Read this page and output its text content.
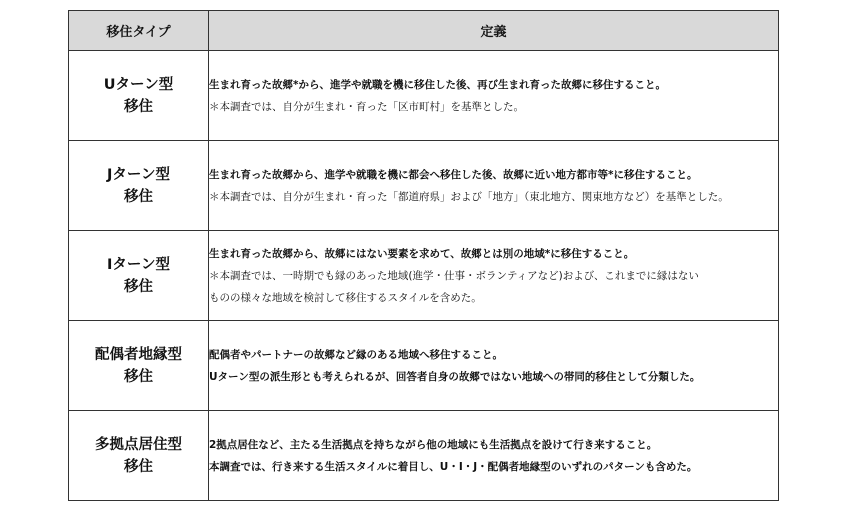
移住タイプ	定義

Uターン型
移住	生まれ育った故郷*から、進学や就職を機に移住した後、再び生まれ育った故郷に移住すること。
＊本調査では、自分が生まれ・育った「区市町村」を基準とした。

Jターン型
移住	生まれ育った故郷から、進学や就職を機に都会へ移住した後、故郷に近い地方都市等*に移住すること。
＊本調査では、自分が生まれ・育った「都道府県」および「地方」（東北地方、関東地方など）を基準とした。

Iターン型
移住	生まれ育った故郷から、故郷にはない要素を求めて、故郷とは別の地域*に移住すること。
＊本調査では、一時期でも縁のあった地域(進学・仕事・ボランティアなど)および、これまでに縁はない
ものの様々な地域を検討して移住するスタイルを含めた。

配偶者地縁型
移住	配偶者やパートナーの故郷など縁のある地域へ移住すること。
Uターン型の派生形とも考えられるが、回答者自身の故郷ではない地域への帯同的移住として分類した。

多拠点居住型
移住	2拠点居住など、主たる生活拠点を持ちながら他の地域にも生活拠点を設けて行き来すること。
本調査では、行き来する生活スタイルに着目し、U・I・J・配偶者地縁型のいずれのパターンも含めた。
